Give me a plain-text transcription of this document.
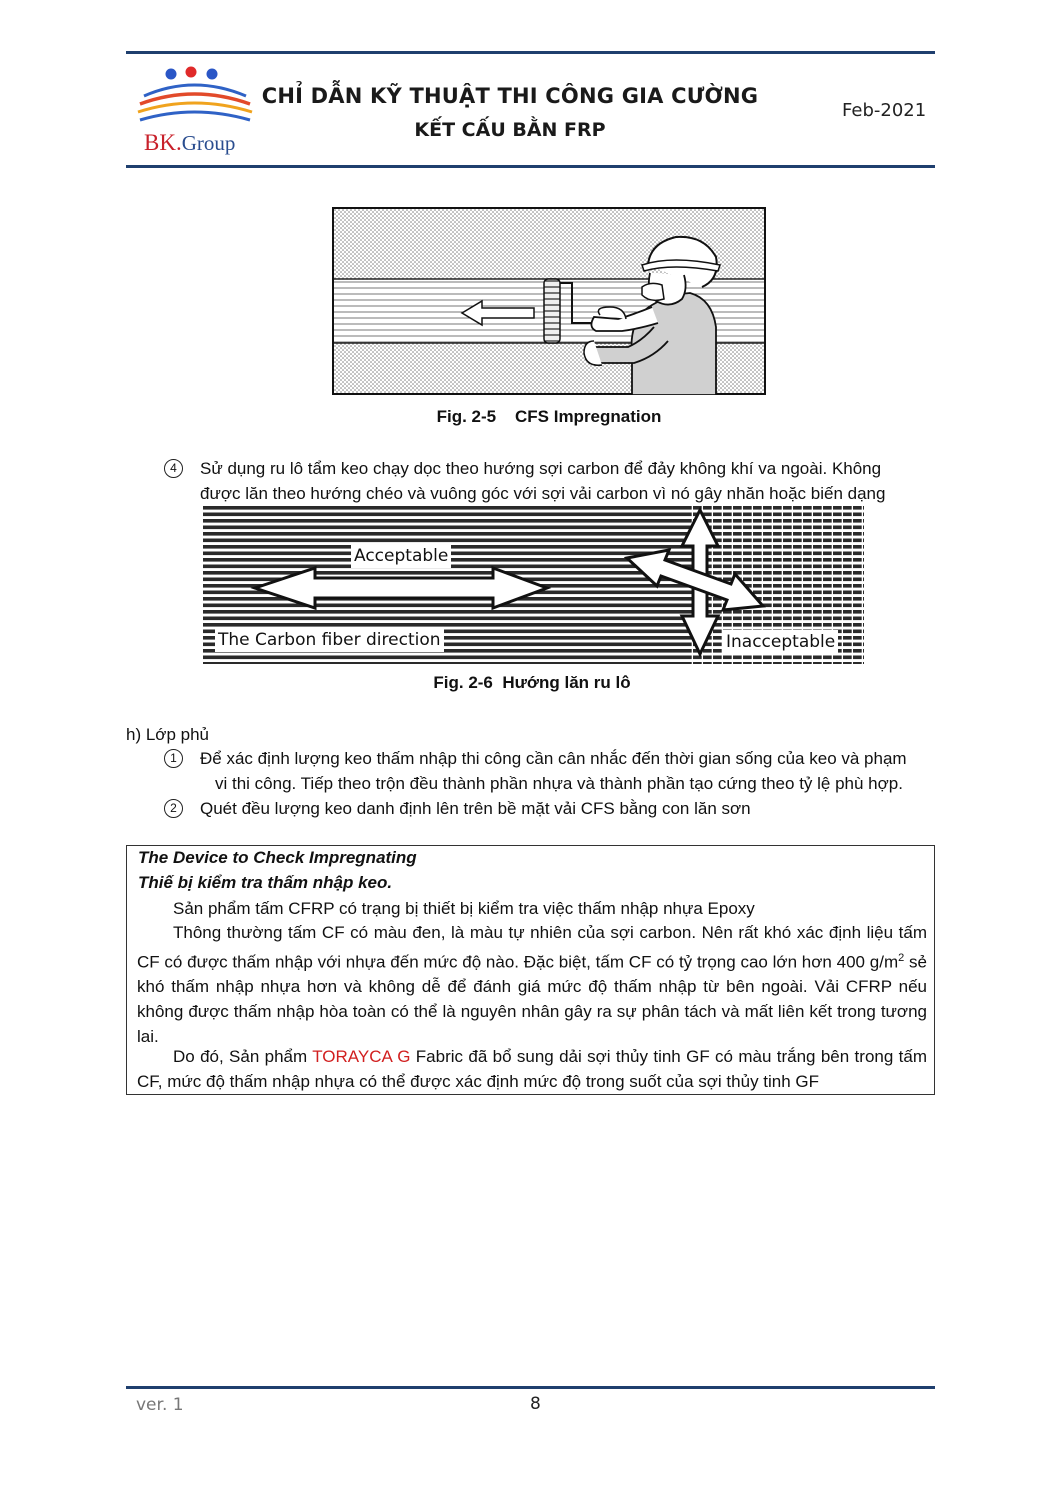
BK.Group
CHỈ DẪN KỸ THUẬT THI CÔNG GIA CƯỜNG
KẾT CẤU BẰN FRP
Feb-2021
Fig. 2-5    CFS Impregnation
4	Sử dụng ru lô tẩm keo chạy dọc theo hướng sợi carbon để đảy không khí va ngoài. Không
được lăn theo hướng chéo và vuông góc với sợi vải carbon vì nó gây nhăn hoặc biến dạng
Acceptable
The Carbon fiber direction	Inacceptable
Fig. 2-6  Hướng lăn ru lô
h) Lớp phủ
1	Để xác định lượng keo thấm nhập thi công cần cân nhắc đến thời gian sống của keo và phạm
vi thi công. Tiếp theo trộn đều thành phần nhựa và thành phần tạo cứng theo tỷ lệ phù hợp.
2	Quét đều lượng keo danh định lên trên bề mặt vải CFS bằng con lăn sơn
The Device to Check Impregnating
Thiế bị kiểm tra thấm nhập keo.
Sản phẩm tấm CFRP có trạng bị thiết bị kiểm tra việc thấm nhập nhựa Epoxy
Thông thường tấm CF có màu đen, là màu tự nhiên của sợi carbon. Nên rất khó xác định liệu tấm CF có được thấm nhập với nhựa đến mức độ nào. Đặc biệt, tấm CF có tỷ trọng cao lớn hơn 400 $g/m^2$ sẻ khó thấm nhập nhựa hơn và không dễ để đánh giá mức độ thấm nhập từ bên ngoài. Vải CFRP nếu không được thấm nhập hòa toàn có thể là nguyên nhân gây ra sự phân tách và mất liên kết trong tương lai.
Do đó, Sản phẩm TORAYCA G Fabric đã bổ sung dải sợi thủy tinh GF có màu trắng bên trong tấm CF, mức độ thấm nhập nhựa có thể được xác định mức độ trong suốt của sợi thủy tinh GF
ver. 1	8
